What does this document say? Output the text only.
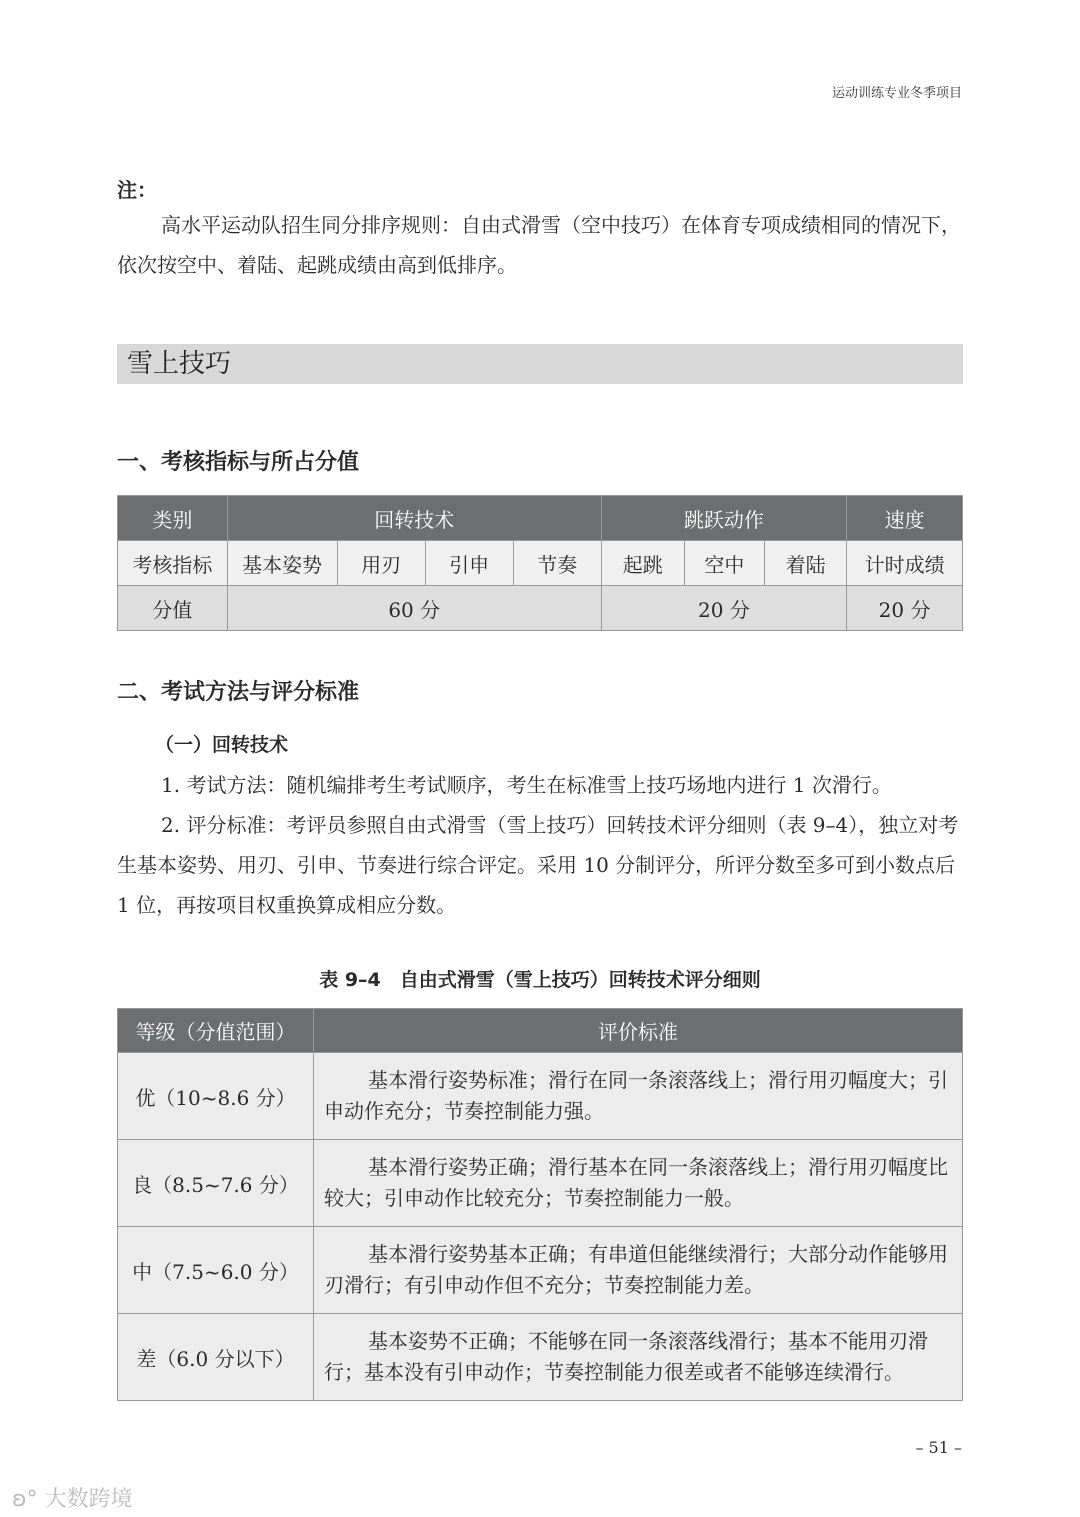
运动训练专业冬季项目
注：
高水平运动队招生同分排序规则：自由式滑雪（空中技巧）在体育专项成绩相同的情况下，依次按空中、着陆、起跳成绩由高到低排序。
雪上技巧
一、考核指标与所占分值
类别	回转技术				跳跃动作			速度
考核指标	基本姿势	用刃	引申	节奏	起跳	空中	着陆	计时成绩
分值	60 分				20 分			20 分
二、考试方法与评分标准
（一）回转技术
1. 考试方法：随机编排考生考试顺序，考生在标准雪上技巧场地内进行 1 次滑行。
2. 评分标准：考评员参照自由式滑雪（雪上技巧）回转技术评分细则（表 9–4），独立对考生基本姿势、用刃、引申、节奏进行综合评定。采用 10 分制评分，所评分数至多可到小数点后 1 位，再按项目权重换算成相应分数。
表 9–4　自由式滑雪（雪上技巧）回转技术评分细则
等级（分值范围）	评价标准
优（10~8.6 分）	基本滑行姿势标准；滑行在同一条滚落线上；滑行用刃幅度大；引申动作充分；节奏控制能力强。
良（8.5~7.6 分）	基本滑行姿势正确；滑行基本在同一条滚落线上；滑行用刃幅度比较大；引申动作比较充分；节奏控制能力一般。
中（7.5~6.0 分）	基本滑行姿势基本正确；有串道但能继续滑行；大部分动作能够用刃滑行；有引申动作但不充分；节奏控制能力差。
差（6.0 分以下）	基本姿势不正确；不能够在同一条滚落线滑行；基本不能用刃滑行；基本没有引申动作；节奏控制能力很差或者不能够连续滑行。
– 51 –
ʚ° 大数跨境
